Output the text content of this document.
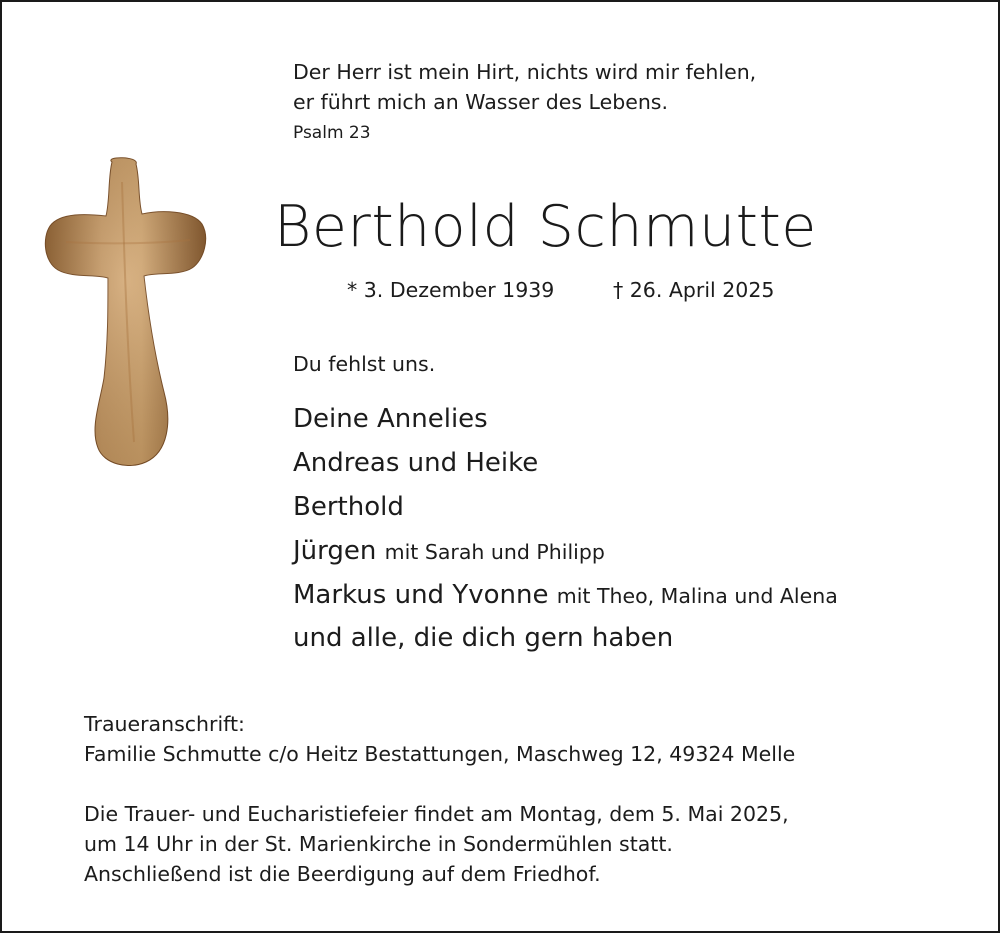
Der Herr ist mein Hirt, nichts wird mir fehlen,
er führt mich an Wasser des Lebens.
Psalm 23
Berthold Schmutte
* 3. Dezember 1939	† 26. April 2025
Du fehlst uns.
Deine Annelies
Andreas und Heike
Berthold
Jürgen mit Sarah und Philipp
Markus und Yvonne mit Theo, Malina und Alena
und alle, die dich gern haben
Traueranschrift:
Familie Schmutte c/o Heitz Bestattungen, Maschweg 12, 49324 Melle
Die Trauer- und Eucharistiefeier findet am Montag, dem 5. Mai 2025,
um 14 Uhr in der St. Marienkirche in Sondermühlen statt.
Anschließend ist die Beerdigung auf dem Friedhof.
